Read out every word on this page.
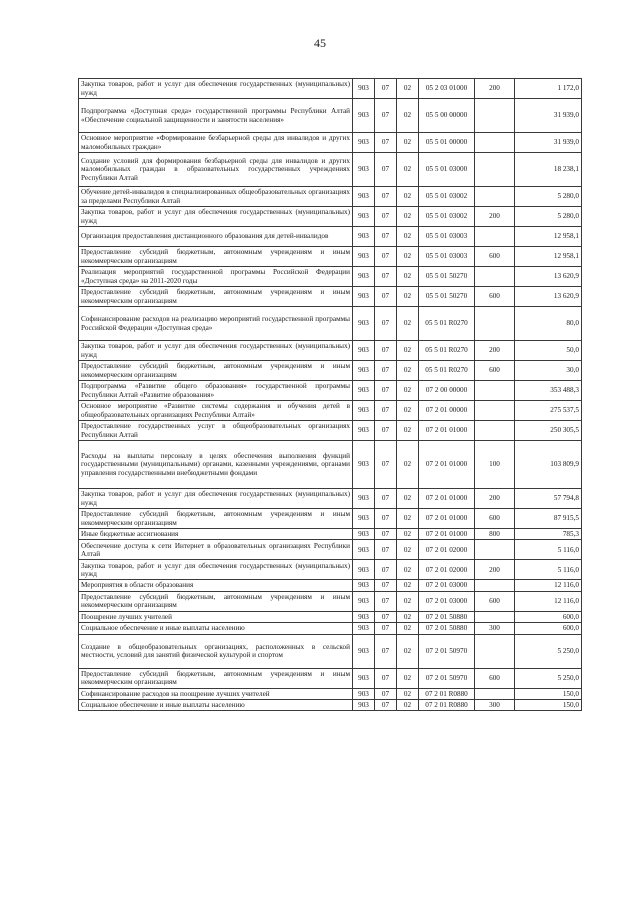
45
Закупка товаров, работ и услуг для обеспечения государственных (муниципальных) нужд	903	07	02	05 2 03 01000	200	1 172,0
Подпрограмма «Доступная среда» государственной программы Республики Алтай «Обеспечение социальной защищенности и занятости населения»	903	07	02	05 5 00 00000		31 939,0
Основное мероприятие «Формирование безбарьерной среды для инвалидов и других маломобильных граждан»	903	07	02	05 5 01 00000		31 939,0
Создание условий для формирования безбарьерной среды для инвалидов и других маломобильных граждан в образовательных государственных учреждениях Республики Алтай	903	07	02	05 5 01 03000		18 238,1
Обучение детей-инвалидов в специализированных общеобразовательных организациях за пределами Республики Алтай	903	07	02	05 5 01 03002		5 280,0
Закупка товаров, работ и услуг для обеспечения государственных (муниципальных) нужд	903	07	02	05 5 01 03002	200	5 280,0
Организация предоставления дистанционного образования для детей-инвалидов	903	07	02	05 5 01 03003		12 958,1
Предоставление субсидий бюджетным, автономным учреждениям и иным некоммерческим организациям	903	07	02	05 5 01 03003	600	12 958,1
Реализация мероприятий государственной программы Российской Федерации «Доступная среда» на 2011-2020 годы	903	07	02	05 5 01 50270		13 620,9
Предоставление субсидий бюджетным, автономным учреждениям и иным некоммерческим организациям	903	07	02	05 5 01 50270	600	13 620,9
Софинансирование расходов на реализацию мероприятий государственной программы Российской Федерации «Доступная среда»	903	07	02	05 5 01 R0270		80,0
Закупка товаров, работ и услуг для обеспечения государственных (муниципальных) нужд	903	07	02	05 5 01 R0270	200	50,0
Предоставление субсидий бюджетным, автономным учреждениям и иным некоммерческим организациям	903	07	02	05 5 01 R0270	600	30,0
Подпрограмма «Развитие общего образования» государственной программы Республики Алтай «Развитие образования»	903	07	02	07 2 00 00000		353 488,3
Основное мероприятие «Развитие системы содержания и обучения детей в общеобразовательных организациях Республики Алтай»	903	07	02	07 2 01 00000		275 537,5
Предоставление государственных услуг в общеобразовательных организациях Республики Алтай	903	07	02	07 2 01 01000		250 305,5
Расходы на выплаты персоналу в целях обеспечения выполнения функций государственными (муниципальными) органами, казенными учреждениями, органами управления государственными внебюджетными фондами	903	07	02	07 2 01 01000	100	103 809,9
Закупка товаров, работ и услуг для обеспечения государственных (муниципальных) нужд	903	07	02	07 2 01 01000	200	57 794,8
Предоставление субсидий бюджетным, автономным учреждениям и иным некоммерческим организациям	903	07	02	07 2 01 01000	600	87 915,5
Иные бюджетные ассигнования	903	07	02	07 2 01 01000	800	785,3
Обеспечение доступа к сети Интернет в образовательных организациях Республики Алтай	903	07	02	07 2 01 02000		5 116,0
Закупка товаров, работ и услуг для обеспечения государственных (муниципальных) нужд	903	07	02	07 2 01 02000	200	5 116,0
Мероприятия в области образования	903	07	02	07 2 01 03000		12 116,0
Предоставление субсидий бюджетным, автономным учреждениям и иным некоммерческим организациям	903	07	02	07 2 01 03000	600	12 116,0
Поощрение лучших учителей	903	07	02	07 2 01 50880		600,0
Социальное обеспечение и иные выплаты населению	903	07	02	07 2 01 50880	300	600,0
Создание в общеобразовательных организациях, расположенных в сельской местности, условий для занятий физической культурой и спортом	903	07	02	07 2 01 50970		5 250,0
Предоставление субсидий бюджетным, автономным учреждениям и иным некоммерческим организациям	903	07	02	07 2 01 50970	600	5 250,0
Софинансирование расходов на поощрение лучших учителей	903	07	02	07 2 01 R0880		150,0
Социальное обеспечение и иные выплаты населению	903	07	02	07 2 01 R0880	300	150,0
